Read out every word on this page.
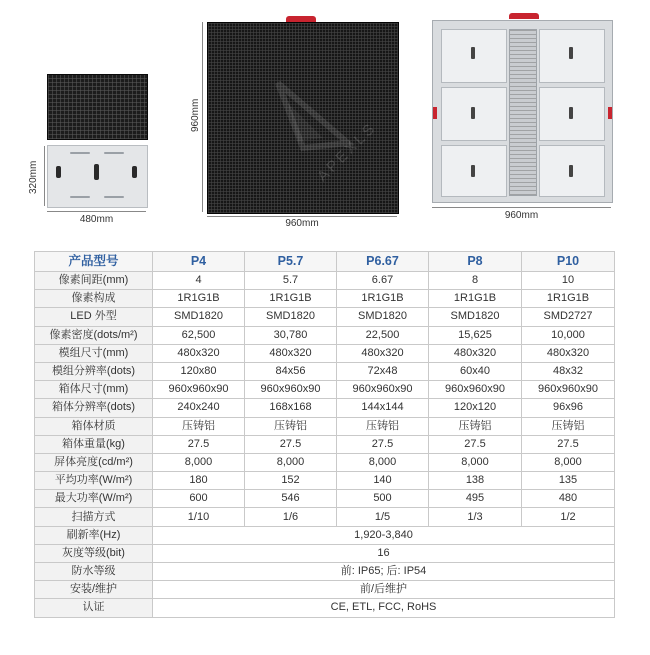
320mm
480mm
APEXLS
960mm
960mm
960mm
产品型号	P4	P5.7	P6.67	P8	P10
像素间距(mm)	4	5.7	6.67	8	10
像素构成	1R1G1B	1R1G1B	1R1G1B	1R1G1B	1R1G1B
LED 外型	SMD1820	SMD1820	SMD1820	SMD1820	SMD2727
像素密度(dots/m²)	62,500	30,780	22,500	15,625	10,000
模组尺寸(mm)	480x320	480x320	480x320	480x320	480x320
模组分辨率(dots)	120x80	84x56	72x48	60x40	48x32
箱体尺寸(mm)	960x960x90	960x960x90	960x960x90	960x960x90	960x960x90
箱体分辨率(dots)	240x240	168x168	144x144	120x120	96x96
箱体材质	压铸铝	压铸铝	压铸铝	压铸铝	压铸铝
箱体重量(kg)	27.5	27.5	27.5	27.5	27.5
屏体亮度(cd/m²)	8,000	8,000	8,000	8,000	8,000
平均功率(W/m²)	180	152	140	138	135
最大功率(W/m²)	600	546	500	495	480
扫描方式	1/10	1/6	1/5	1/3	1/2
刷新率(Hz)	1,920-3,840				
灰度等级(bit)	16				
防水等级	前: IP65; 后: IP54				
安装/维护	前/后维护				
认证	CE, ETL, FCC, RoHS				
